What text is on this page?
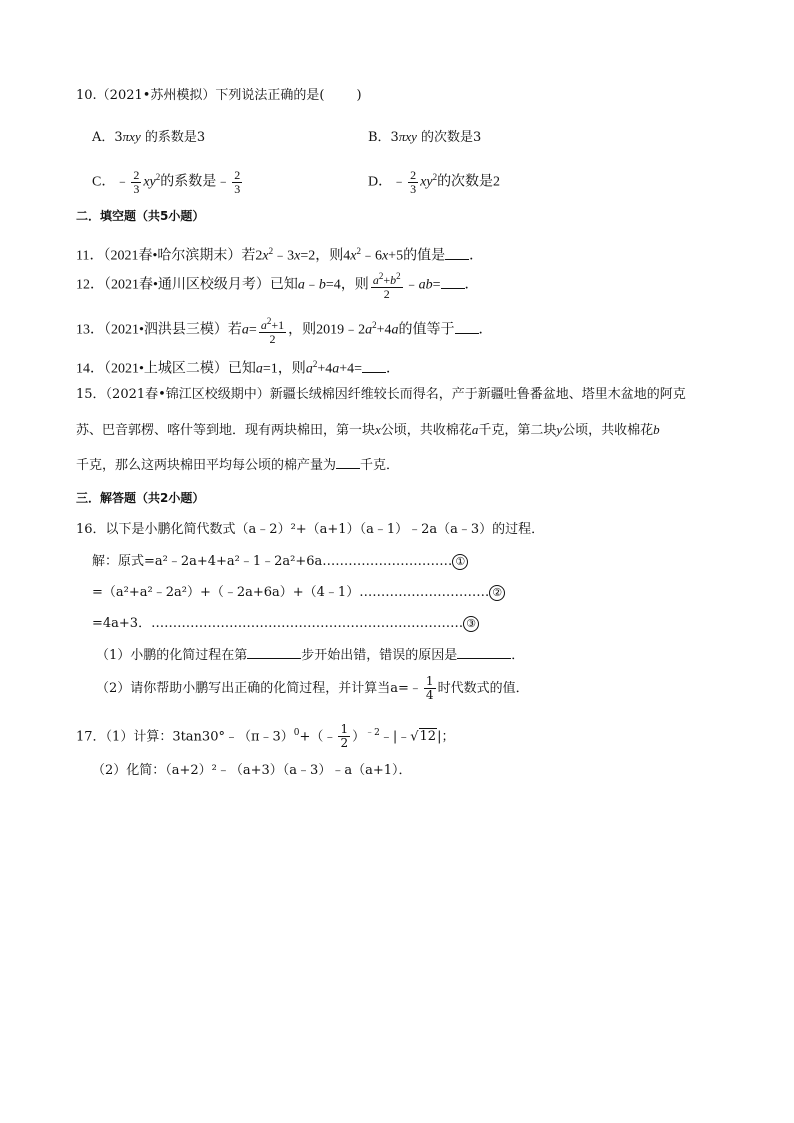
10.（2021•苏州模拟）下列说法正确的是( )
A．3πxy 的系数是3	B．3πxy 的次数是3
C．﹣ $\frac{2}{3} xy^2$的系数是﹣ $\frac{2}{3}$	D．﹣ $\frac{2}{3} xy^2$的次数是2
二．填空题（共5小题）
11．（2021春•哈尔滨期末）若$2x^2﹣3x=2$，则$4x^2﹣6x+5$的值是 ．
12．（2021春•通川区校级月考）已知a﹣b=4，则 $\frac{a^2+b^2}{2}$ ﹣ab= ．
13．（2021•泗洪县三模）若$a= \frac{a^2+1}{2}$ ，则$2019﹣2a^2+4a$的值等于 ．
14．（2021•上城区二模）已知a=1，则$a^2+4a+4=$ ．
15．（2021春•锦江区校级期中）新疆长绒棉因纤维较长而得名，产于新疆吐鲁番盆地、塔里木盆地的阿克
苏、巴音郭楞、喀什等到地．现有两块棉田，第一块x公顷，共收棉花a千克，第二块y公顷，共收棉花b
千克，那么这两块棉田平均每公顷的棉产量为 千克．
三．解答题（共2小题）
16．以下是小鹏化简代数式（a﹣2）²+（a+1）（a﹣1）﹣2a（a﹣3）的过程．
解：原式=a²﹣2a+4+a²﹣1﹣2a²+6a………………………… ①
=（a²+a²﹣2a²）+（﹣2a+6a）+（4﹣1）………………………… ②
=4a+3．……………………………………………………………… ③
（1）小鹏的化简过程在第	步开始出错，错误的原因是	．
（2）请你帮助小鹏写出正确的化简过程，并计算当a=﹣ $\frac{1}{4}$ 时代数式的值．
17．（1）计算：3tan30°﹣（π﹣3）$^0$+（﹣ $\frac{1}{2}$ ）$^{﹣2}$﹣|﹣√12|；
（2）化简：（a+2）²﹣（a+3）（a﹣3）﹣a（a+1）．
